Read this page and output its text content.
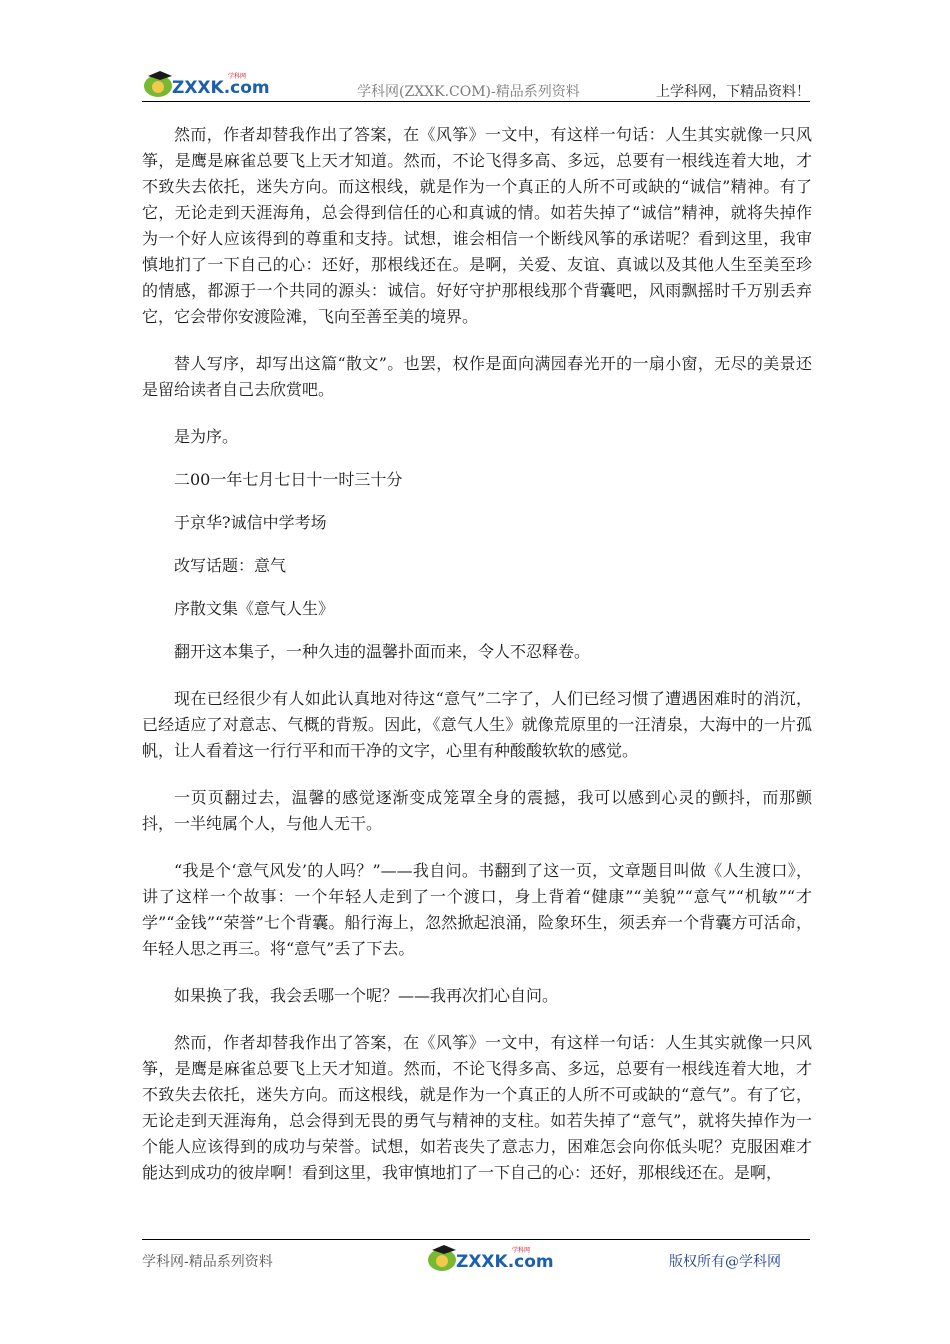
ZXXK.com
学科网
学科网(ZXXK.COM)-精品系列资料	上学科网，下精品资料！

然而，作者却替我作出了答案，在《风筝》一文中，有这样一句话：人生其实就像一只风筝，是鹰是麻雀总要飞上天才知道。然而，不论飞得多高、多远，总要有一根线连着大地，才不致失去依托，迷失方向。而这根线，就是作为一个真正的人所不可或缺的“诚信”精神。有了它，无论走到天涯海角，总会得到信任的心和真诚的情。如若失掉了“诚信”精神，就将失掉作为一个好人应该得到的尊重和支持。试想，谁会相信一个断线风筝的承诺呢？看到这里，我审慎地扪了一下自己的心：还好，那根线还在。是啊，关爱、友谊、真诚以及其他人生至美至珍的情感，都源于一个共同的源头：诚信。好好守护那根线那个背囊吧，风雨飘摇时千万别丢弃它，它会带你安渡险滩，飞向至善至美的境界。

替人写序，却写出这篇“散文”。也罢，权作是面向满园春光开的一扇小窗，无尽的美景还是留给读者自己去欣赏吧。

是为序。

二00一年七月七日十一时三十分

于京华?诚信中学考场

改写话题：意气

序散文集《意气人生》

翻开这本集子，一种久违的温馨扑面而来，令人不忍释卷。

现在已经很少有人如此认真地对待这“意气”二字了，人们已经习惯了遭遇困难时的消沉，已经适应了对意志、气概的背叛。因此，《意气人生》就像荒原里的一汪清泉，大海中的一片孤帆，让人看着这一行行平和而干净的文字，心里有种酸酸软软的感觉。

一页页翻过去，温馨的感觉逐渐变成笼罩全身的震撼，我可以感到心灵的颤抖，而那颤抖，一半纯属个人，与他人无干。

“我是个‘意气风发’的人吗？”——我自问。书翻到了这一页，文章题目叫做《人生渡口》，讲了这样一个故事：一个年轻人走到了一个渡口，身上背着“健康”“美貌”“意气”“机敏”“才学”“金钱”“荣誉”七个背囊。船行海上，忽然掀起浪涌，险象环生，须丢弃一个背囊方可活命，年轻人思之再三。将“意气”丢了下去。

如果换了我，我会丢哪一个呢？——我再次扪心自问。

然而，作者却替我作出了答案，在《风筝》一文中，有这样一句话：人生其实就像一只风筝，是鹰是麻雀总要飞上天才知道。然而，不论飞得多高、多远，总要有一根线连着大地，才不致失去依托，迷失方向。而这根线，就是作为一个真正的人所不可或缺的“意气”。有了它，无论走到天涯海角，总会得到无畏的勇气与精神的支柱。如若失掉了“意气”，就将失掉作为一个能人应该得到的成功与荣誉。试想，如若丧失了意志力，困难怎会向你低头呢？克服困难才能达到成功的彼岸啊！看到这里，我审慎地扪了一下自己的心：还好，那根线还在。是啊，

学科网-精品系列资料	ZXXK.com
学科网
版权所有@学科网
